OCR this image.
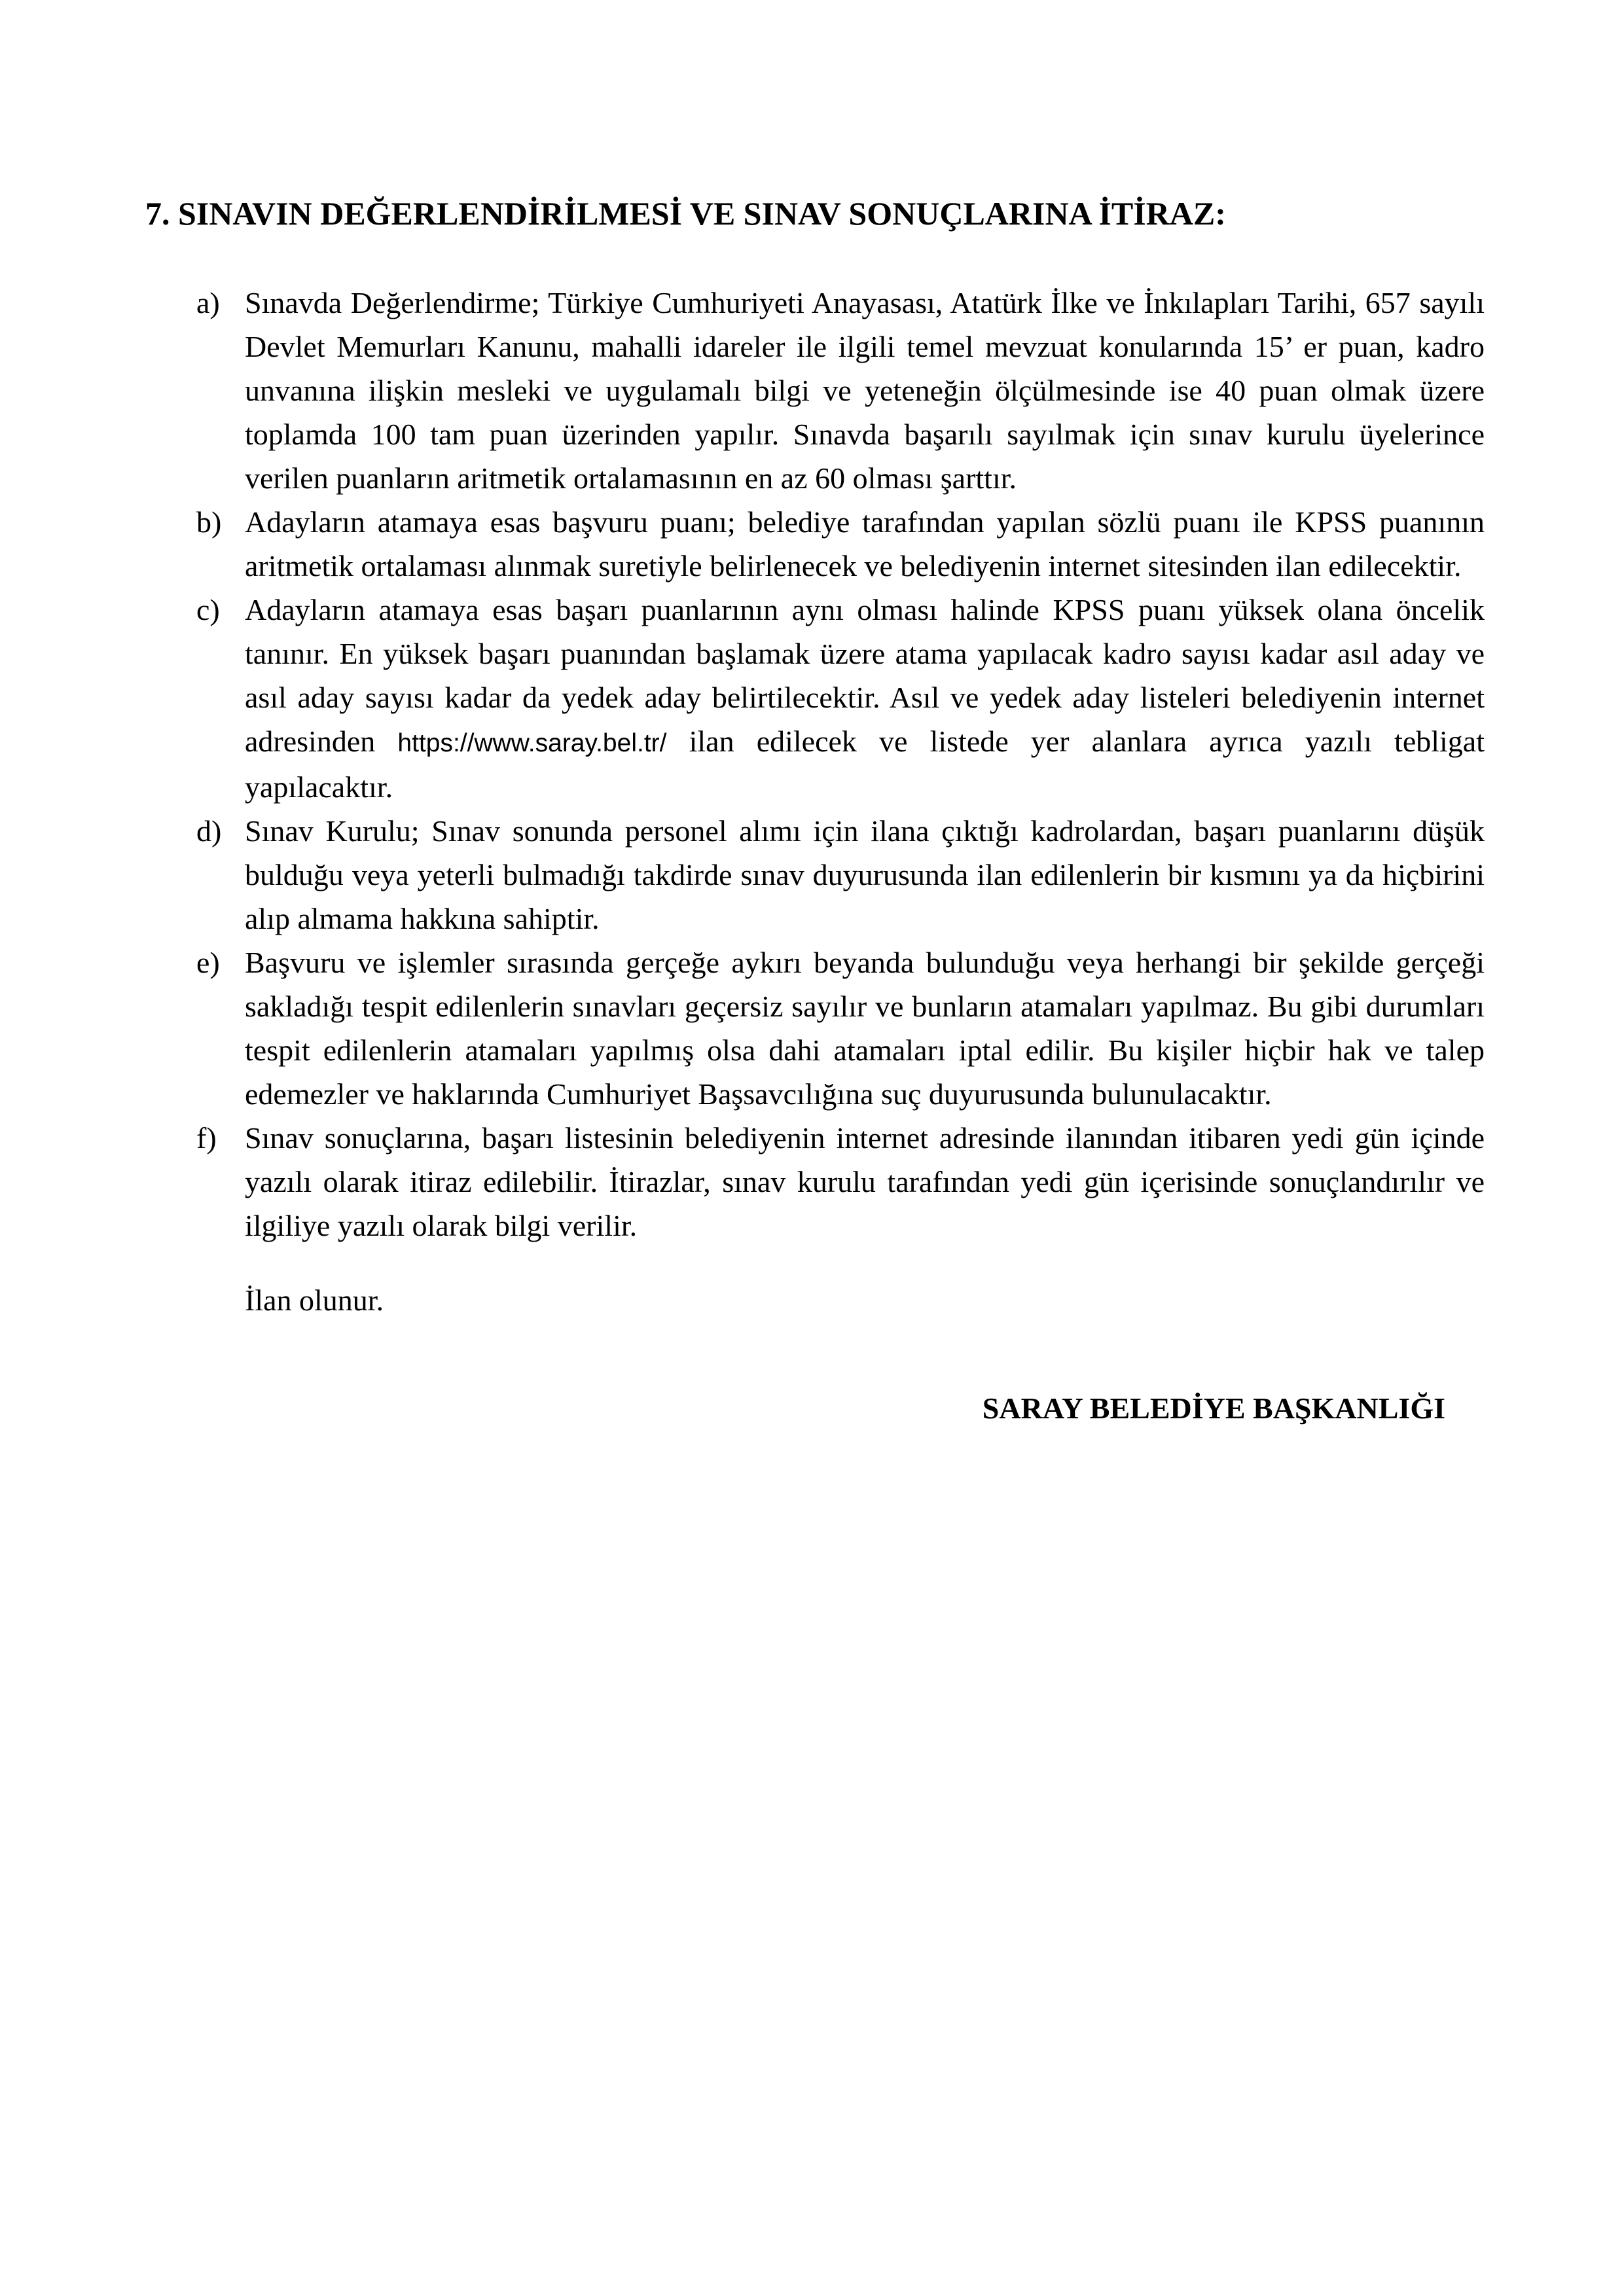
7. SINAVIN DEĞERLENDİRİLMESİ VE SINAV SONUÇLARINA İTİRAZ:
a) Sınavda Değerlendirme; Türkiye Cumhuriyeti Anayasası, Atatürk İlke ve İnkılapları Tarihi, 657 sayılı Devlet Memurları Kanunu, mahalli idareler ile ilgili temel mevzuat konularında 15’ er puan, kadro unvanına ilişkin mesleki ve uygulamalı bilgi ve yeteneğin ölçülmesinde ise 40 puan olmak üzere toplamda 100 tam puan üzerinden yapılır. Sınavda başarılı sayılmak için sınav kurulu üyelerince verilen puanların aritmetik ortalamasının en az 60 olması şarttır.
b) Adayların atamaya esas başvuru puanı; belediye tarafından yapılan sözlü puanı ile KPSS puanının aritmetik ortalaması alınmak suretiyle belirlenecek ve belediyenin internet sitesinden ilan edilecektir.
c) Adayların atamaya esas başarı puanlarının aynı olması halinde KPSS puanı yüksek olana öncelik tanınır. En yüksek başarı puanından başlamak üzere atama yapılacak kadro sayısı kadar asıl aday ve asıl aday sayısı kadar da yedek aday belirtilecektir. Asıl ve yedek aday listeleri belediyenin internet adresinden https://www.saray.bel.tr/ ilan edilecek ve listede yer alanlara ayrıca yazılı tebligat yapılacaktır.
d) Sınav Kurulu; Sınav sonunda personel alımı için ilana çıktığı kadrolardan, başarı puanlarını düşük bulduğu veya yeterli bulmadığı takdirde sınav duyurusunda ilan edilenlerin bir kısmını ya da hiçbirini alıp almama hakkına sahiptir.
e) Başvuru ve işlemler sırasında gerçeğe aykırı beyanda bulunduğu veya herhangi bir şekilde gerçeği sakladığı tespit edilenlerin sınavları geçersiz sayılır ve bunların atamaları yapılmaz. Bu gibi durumları tespit edilenlerin atamaları yapılmış olsa dahi atamaları iptal edilir. Bu kişiler hiçbir hak ve talep edemezler ve haklarında Cumhuriyet Başsavcılığına suç duyurusunda bulunulacaktır.
f) Sınav sonuçlarına, başarı listesinin belediyenin internet adresinde ilanından itibaren yedi gün içinde yazılı olarak itiraz edilebilir. İtirazlar, sınav kurulu tarafından yedi gün içerisinde sonuçlandırılır ve ilgiliye yazılı olarak bilgi verilir.
İlan olunur.
SARAY BELEDİYE BAŞKANLIĞI
